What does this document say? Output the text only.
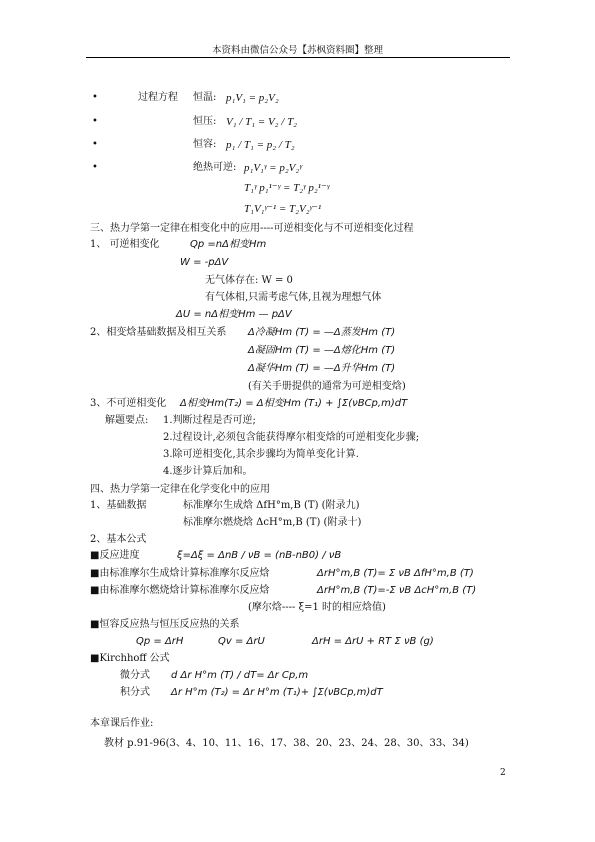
本资料由微信公众号【苏枫资料圈】整理
•
•
•
•
过程方程 恒温: p₁V₁ = p₂V₂
恒压: V₁ / T₁ = V₂ / T₂
恒容: p₁ / T₁ = p₂ / T₂
绝热可逆: p₁V₁ᵞ = p₂V₂ᵞ
T₁ᵞ p₁¹⁻ᵞ = T₂ᵞ p₂¹⁻ᵞ
T₁V₁ᵞ⁻¹ = T₂V₂ᵞ⁻¹
三、热力学第一定律在相变化中的应用----可逆相变化与不可逆相变化过程
1、 可逆相变化	Qp =nΔ相变Hm
W = -pΔV
无气体存在: W = 0
有气体相,只需考虑气体,且视为理想气体
ΔU = nΔ相变Hm — pΔV
2、相变焓基础数据及相互关系 Δ冷凝Hm (T) = —Δ蒸发Hm (T)
Δ凝固Hm (T) = —Δ熔化Hm (T)
Δ凝华Hm (T) = —Δ升华Hm (T)
(有关手册提供的通常为可逆相变焓)
3、不可逆相变化 Δ相变Hm(T₂) = Δ相变Hm (T₁) + ∫Σ(νBCp,m)dT
解题要点: 1.判断过程是否可逆;
2.过程设计,必须包含能获得摩尔相变焓的可逆相变化步骤;
3.除可逆相变化,其余步骤均为简单变化计算.
4.逐步计算后加和。
四、热力学第一定律在化学变化中的应用
1、基础数据	标准摩尔生成焓 ΔfH°m,B (T) (附录九)
标准摩尔燃烧焓 ΔcH°m,B (T) (附录十)
2、基本公式
■反应进度	ξ=Δξ = ΔnB / νB = (nB-nB0) / νB
■由标准摩尔生成焓计算标准摩尔反应焓	ΔrH°m,B (T)= Σ νB ΔfH°m,B (T)
■由标准摩尔燃烧焓计算标准摩尔反应焓	ΔrH°m,B (T)=-Σ νB ΔcH°m,B (T)
(摩尔焓---- ξ=1 时的相应焓值)
■恒容反应热与恒压反应热的关系
Qp = ΔrH	Qv = ΔrU	ΔrH = ΔrU + RT Σ νB (g)
■Kirchhoff 公式
微分式 d Δr H°m (T) / dT= Δr Cp,m
积分式 Δr H°m (T₂) = Δr H°m (T₁)+ ∫Σ(νBCp,m)dT
本章课后作业:
教材 p.91-96(3、4、10、11、16、17、38、20、23、24、28、30、33、34)
2
